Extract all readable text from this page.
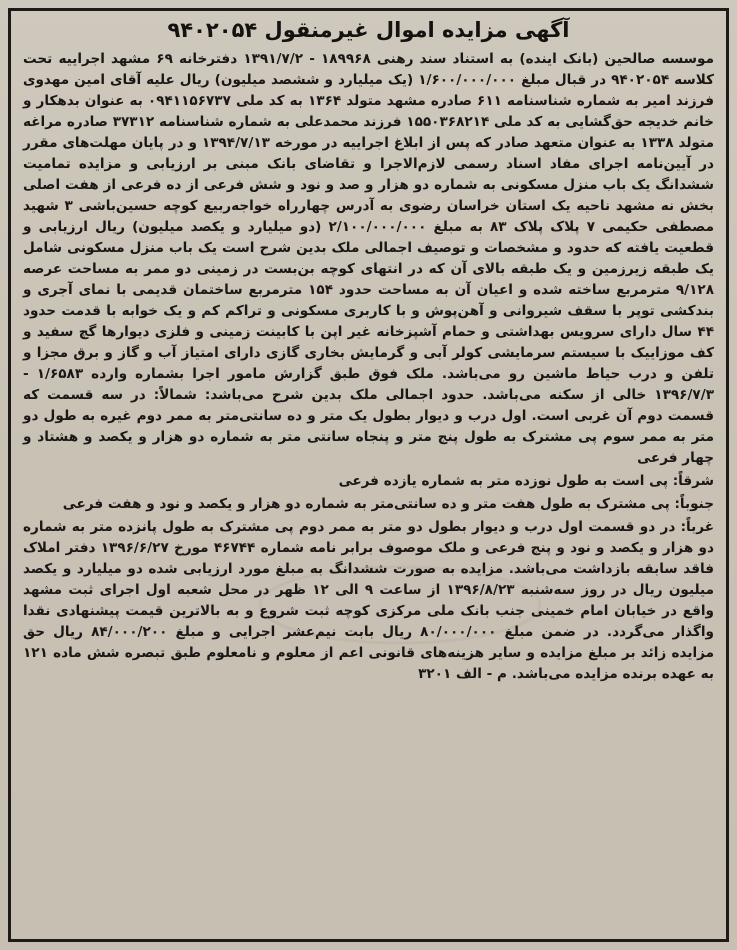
آگهی مزایده اموال غیرمنقول ۹۴۰۲۰۵۴

موسسه صالحین (بانک اینده) به استناد سند رهنی ۱۸۹۹۶۸ - ۱۳۹۱/۷/۲ دفترخانه ۶۹ مشهد اجراییه تحت کلاسه ۹۴۰۲۰۵۴ در قبال مبلغ ۱/۶۰۰/۰۰۰/۰۰۰ (یک میلیارد و ششصد میلیون) ریال علیه آقای امین مهدوی فرزند امیر به شماره شناسنامه ۶۱۱ صادره مشهد متولد ۱۳۶۴ به کد ملی ۰۹۴۱۱۵۶۷۳۷ به عنوان بدهکار و خانم خدیجه حق‌گشایی به کد ملی ۱۵۵۰۳۶۸۲۱۴ فرزند محمدعلی به شماره شناسنامه ۳۷۳۱۲ صادره مراغه متولد ۱۳۳۸ به عنوان متعهد صادر که پس از ابلاغ اجراییه در مورخه ۱۳۹۴/۷/۱۳ و در پایان مهلت‌های مقرر در آیین‌نامه اجرای مفاد اسناد رسمی لازم‌الاجرا و تقاضای بانک مبنی بر ارزیابی و مزایده تمامیت ششدانگ یک باب منزل مسکونی به شماره دو هزار و صد و نود و شش فرعی از ده فرعی از هفت اصلی بخش نه مشهد ناحیه یک استان خراسان رضوی به آدرس چهارراه خواجه‌ربیع کوچه حسین‌باشی ۳ شهید مصطفی حکیمی ۷ پلاک پلاک ۸۳ به مبلغ ۲/۱۰۰/۰۰۰/۰۰۰ (دو میلیارد و یکصد میلیون) ریال ارزیابی و قطعیت یافته که حدود و مشخصات و توصیف اجمالی ملک بدین شرح است یک باب منزل مسکونی شامل یک طبقه زیرزمین و یک طبقه بالای آن که در انتهای کوچه بن‌بست در زمینی دو ممر به مساحت عرصه ۹/۱۲۸ مترمربع ساخته شده و اعیان آن به مساحت حدود ۱۵۴ مترمربع ساختمان قدیمی با نمای آجری و بندکشی توپر با سقف شیروانی و آهن‌پوش و با کاربری مسکونی و تراکم کم و یک خوابه با قدمت حدود ۴۴ سال دارای سرویس بهداشتی و حمام آشپزخانه غیر اپن با کابینت زمینی و فلزی دیوارها گچ سفید و کف موزاییک با سیستم سرمایشی کولر آبی و گرمایش بخاری گازی دارای امتیاز آب و گاز و برق مجزا و تلفن و درب حیاط ماشین رو می‌باشد. ملک فوق طبق گزارش مامور اجرا بشماره وارده ۱/۶۵۸۳ - ۱۳۹۶/۷/۳ خالی از سکنه می‌باشد. حدود اجمالی ملک بدین شرح می‌باشد: شمالاً: در سه قسمت که قسمت دوم آن غربی است. اول درب و دیوار بطول یک متر و ده سانتی‌متر به ممر دوم غیره به طول دو متر به ممر سوم پی مشترک به طول پنج متر و پنجاه سانتی متر به شماره دو هزار و یکصد و هشتاد و چهار فرعی

شرقاً: پی است به طول نوزده متر به شماره یازده فرعی

جنوباً: پی مشترک به طول هفت متر و ده سانتی‌متر به شماره دو هزار و یکصد و نود و هفت فرعی

غرباً: در دو قسمت اول درب و دیوار بطول دو متر به ممر دوم پی مشترک به طول پانزده متر به شماره دو هزار و یکصد و نود و پنج فرعی و ملک موصوف برابر نامه شماره ۴۶۷۴۴ مورخ ۱۳۹۶/۶/۲۷ دفتر املاک فاقد سابقه بازداشت می‌باشد. مزایده به صورت ششدانگ به مبلغ مورد ارزیابی شده دو میلیارد و یکصد میلیون ریال در روز سه‌شنبه ۱۳۹۶/۸/۲۳ از ساعت ۹ الی ۱۲ ظهر در محل شعبه اول اجرای ثبت مشهد واقع در خیابان امام خمینی جنب بانک ملی مرکزی کوچه ثبت شروع و به بالاترین قیمت پیشنهادی نقدا واگذار می‌گردد. در ضمن مبلغ ۸۰/۰۰۰/۰۰۰ ریال بابت نیم‌عشر اجرایی و مبلغ ۸۴/۰۰۰/۲۰۰ ریال حق مزایده زائد بر مبلغ مزایده و سایر هزینه‌های قانونی اعم از معلوم و نامعلوم طبق تبصره شش ماده ۱۲۱ به عهده برنده مزایده می‌باشد. م - الف ۳۲۰۱
